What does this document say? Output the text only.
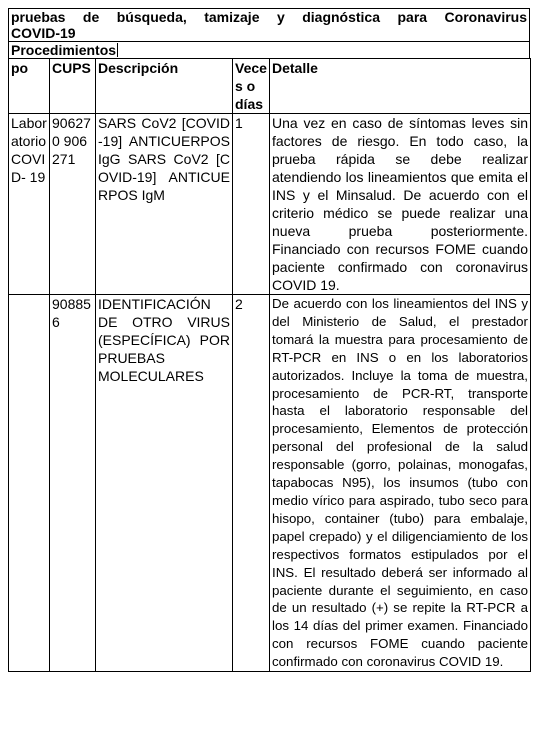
pruebas de búsqueda, tamizaje y diagnóstica para Coronavirus
COVID-19
Procedimientos
po	CUPS	Descripción	Veces o días	Detalle
Laboratorio COVID- 19	906270 906271	SARS CoV2 [COVID-19] ANTICUERPOS IgG SARS CoV2 [COVID-19] ANTICUERPOS IgM	1	Una vez en caso de síntomas leves sin factores de riesgo. En todo caso, la prueba rápida se debe realizar atendiendo los lineamientos que emita el INS y el Minsalud. De acuerdo con el criterio médico se puede realizar una nueva prueba posteriormente. Financiado con recursos FOME cuando paciente confirmado con coronavirus COVID 19.
	908856	IDENTIFICACIÓN DE OTRO VIRUS (ESPECÍFICA) POR PRUEBAS MOLECULARES	2	De acuerdo con los lineamientos del INS y del Ministerio de Salud, el prestador tomará la muestra para procesamiento de RT-PCR en INS o en los laboratorios autorizados. Incluye la toma de muestra, procesamiento de PCR-RT, transporte hasta el laboratorio responsable del procesamiento, Elementos de protección personal del profesional de la salud responsable (gorro, polainas, monogafas, tapabocas N95), los insumos (tubo con medio vírico para aspirado, tubo seco para hisopo, container (tubo) para embalaje, papel crepado) y el diligenciamiento de los respectivos formatos estipulados por el INS. El resultado deberá ser informado al paciente durante el seguimiento, en caso de un resultado (+) se repite la RT-PCR a los 14 días del primer examen. Financiado con recursos FOME cuando paciente confirmado con coronavirus COVID 19.
